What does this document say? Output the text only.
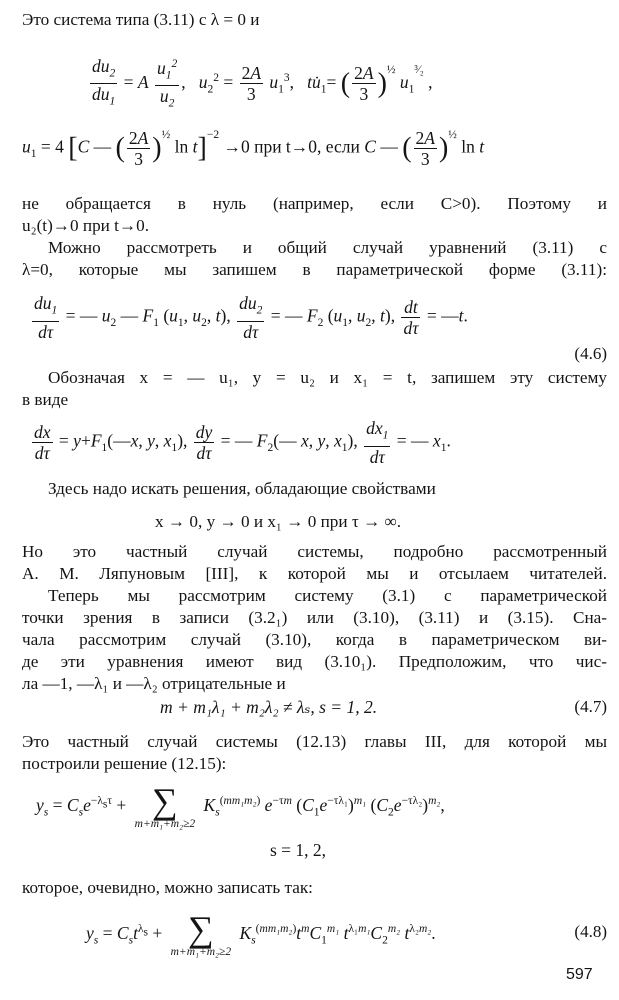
Это система типа (3.11) с λ = 0 и
$\frac{du_2}{du_1} = A \frac{u_1^2}{u_2}$ ,   $u_2^2 = \frac{2A}{3} u_1^3$,   $tu̇_1=$ ( $\frac{2A}{3} )^{\frac{1}{2}}$ $u_1^{^3⁄_2}$ ,
$u_1 = 4$ [C — ( $\frac{2A}{3} )^{\frac{1}{2}}$ ln t]$^{-2}$ →0 при t→0, если C — ( $\frac{2A}{3} )^{\frac{1}{2}}$ ln t
не обращается в нуль (например, если C>0). Поэтому и
u₂(t)→0 при t→0.
Можно рассмотреть и общий случай уравнений (3.11) с
λ=0, которые мы запишем в параметрической форме (3.11):
$\frac{du_1}{d\tau}$ = — $u_2$ — $F_1$ ($u_1$, $u_2$, t), $\frac{du_2}{d\tau}$ = — $F_2$ ($u_1$, $u_2$, t), $\frac{dt}{d\tau}$ = —t.
(4.6)
Обозначая x = — u₁, y = u₂ и x₁ = t, запишем эту систему
в виде
$\frac{dx}{d\tau}$ = $y+F_1(—x$, y, $x_1$), $\frac{dy}{d\tau}$ = — $F_2(—$ x, y, $x_1$), $\frac{dx_1}{d\tau}$ = — $x_1$.
Здесь надо искать решения, обладающие свойствами
x → 0, y → 0 и x₁ → 0 при τ → ∞.
Но это частный случай системы, подробно рассмотренный
А. М. Ляпуновым [III], к которой мы и отсылаем читателей.
Теперь мы рассмотрим систему (3.1) с параметрической
точки зрения в записи (3.2₁) или (3.10), (3.11) и (3.15). Сна-
чала рассмотрим случай (3.10), когда в параметрическом ви-
де эти уравнения имеют вид (3.10₁). Предположим, что чис-
ла —1, —λ₁ и —λ₂ отрицательные и
m + m₁λ₁ + m₂λ₂ ≠ λₛ, s = 1, 2.	(4.7)
Это частный случай системы (12.13) главы III, для которой мы
построили решение (12.15):
$y_s = C_se^{-\lambda_s\tau}$ + ∑
m+m₁+m₂≥2
$K_s^{(mm_1m_2)}$ $e^{-\tau m}$ $(C_1e^{-\tau\lambda_1})^{m_1}$ $(C_2e^{-\tau\lambda_2})^{m_2}$,
s = 1, 2,
которое, очевидно, можно записать так:
$y_s = C_st^{\lambda_s}$ + ∑
m+m₁+m₂≥2
$K_s^{(mm_1m_2)}t^mC_1^{m_1}$ $t^{\lambda_1m_1}C_2^{m_2}$ $t^{\lambda_2m_2}$.	(4.8)
597
